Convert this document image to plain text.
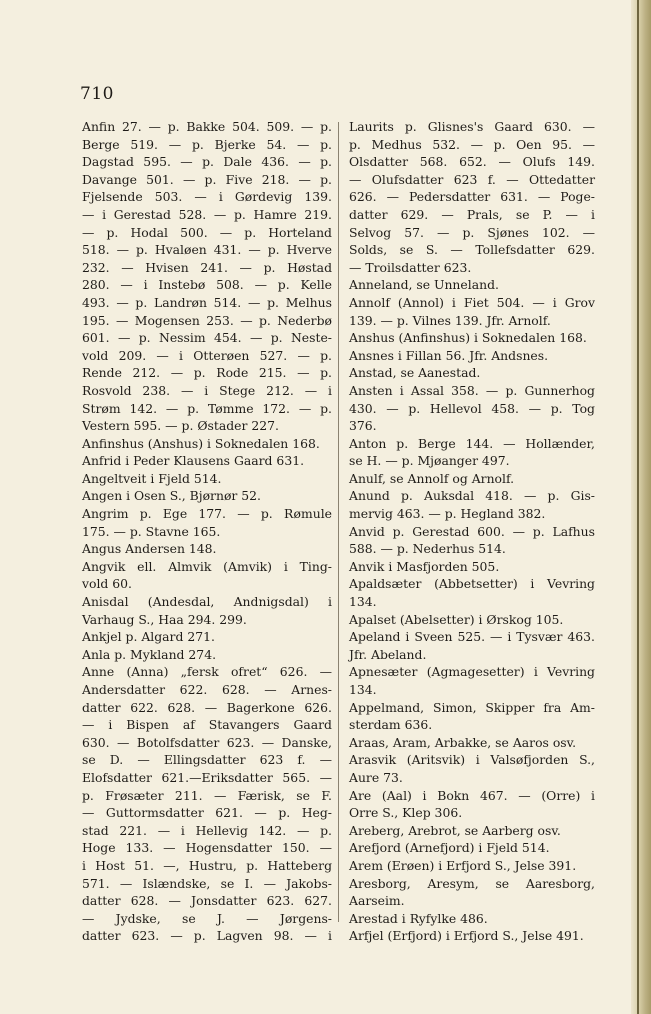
710
Anfin 27. — p. Bakke 504. 509. — p.
Berge 519. — p. Bjerke 54. — p.
Dagstad 595. — p. Dale 436. — p.
Davange 501. — p. Five 218. — p.
Fjelsende 503. — i Gørdevig 139.
— i Gerestad 528. — p. Hamre 219.
— p. Hodal 500. — p. Horteland
518. — p. Hvaløen 431. — p. Hverve
232. — Hvisen 241. — p. Høstad
280. — i Instebø 508. — p. Kelle
493. — p. Landrøn 514. — p. Melhus
195. — Mogensen 253. — p. Nederbø
601. — p. Nessim 454. — p. Neste-
vold 209. — i Otterøen 527. — p.
Rende 212. — p. Rode 215. — p.
Rosvold 238. — i Stege 212. — i
Strøm 142. — p. Tømme 172. — p.
Vestern 595. — p. Østader 227.
Anfinshus (Anshus) i Soknedalen 168.
Anfrid i Peder Klausens Gaard 631.
Angeltveit i Fjeld 514.
Angen i Osen S., Bjørnør 52.
Angrim p. Ege 177. — p. Rømule
175. — p. Stavne 165.
Angus Andersen 148.
Angvik ell. Almvik (Amvik) i Ting-
vold 60.
Anisdal (Andesdal, Andnigsdal) i
Varhaug S., Haa 294. 299.
Ankjel p. Algard 271.
Anla p. Mykland 274.
Anne (Anna) „fersk ofret“ 626. —
Andersdatter 622. 628. — Arnes-
datter 622. 628. — Bagerkone 626.
— i Bispen af Stavangers Gaard
630. — Botolfsdatter 623. — Danske,
se D. — Ellingsdatter 623 f. —
Elofsdatter 621.—Eriksdatter 565. —
p. Frøsæter 211. — Færisk, se F.
— Guttormsdatter 621. — p. Heg-
stad 221. — i Hellevig 142. — p.
Hoge 133. — Hogensdatter 150. —
i Host 51. —, Hustru, p. Hatteberg
571. — Islændske, se I. — Jakobs-
datter 628. — Jonsdatter 623. 627.
— Jydske, se J. — Jørgens-
datter 623. — p. Lagven 98. — i
Laurits p. Glisnes's Gaard 630. —
p. Medhus 532. — p. Oen 95. —
Olsdatter 568. 652. — Olufs 149.
— Olufsdatter 623 f. — Ottedatter
626. — Pedersdatter 631. — Poge-
datter 629. — Prals, se P. — i
Selvog 57. — p. Sjønes 102. —
Solds, se S. — Tollefsdatter 629.
— Troilsdatter 623.
Anneland, se Unneland.
Annolf (Annol) i Fiet 504. — i Grov
139. — p. Vilnes 139. Jfr. Arnolf.
Anshus (Anfinshus) i Soknedalen 168.
Ansnes i Fillan 56. Jfr. Andsnes.
Anstad, se Aanestad.
Ansten i Assal 358. — p. Gunnerhog
430. — p. Hellevol 458. — p. Tog
376.
Anton p. Berge 144. — Hollænder,
se H. — p. Mjøanger 497.
Anulf, se Annolf og Arnolf.
Anund p. Auksdal 418. — p. Gis-
mervig 463. — p. Hegland 382.
Anvid p. Gerestad 600. — p. Lafhus
588. — p. Nederhus 514.
Anvik i Masfjorden 505.
Apaldsæter (Abbetsetter) i Vevring
134.
Apalset (Abelsetter) i Ørskog 105.
Apeland i Sveen 525. — i Tysvær 463.
Jfr. Abeland.
Apnesæter (Agmagesetter) i Vevring
134.
Appelmand, Simon, Skipper fra Am-
sterdam 636.
Araas, Aram, Arbakke, se Aaros osv.
Arasvik (Aritsvik) i Valsøfjorden S.,
Aure 73.
Are (Aal) i Bokn 467. — (Orre) i
Orre S., Klep 306.
Areberg, Arebrot, se Aarberg osv.
Arefjord (Arnefjord) i Fjeld 514.
Arem (Erøen) i Erfjord S., Jelse 391.
Aresborg, Aresym, se Aaresborg,
Aarseim.
Arestad i Ryfylke 486.
Arfjel (Erfjord) i Erfjord S., Jelse 491.
